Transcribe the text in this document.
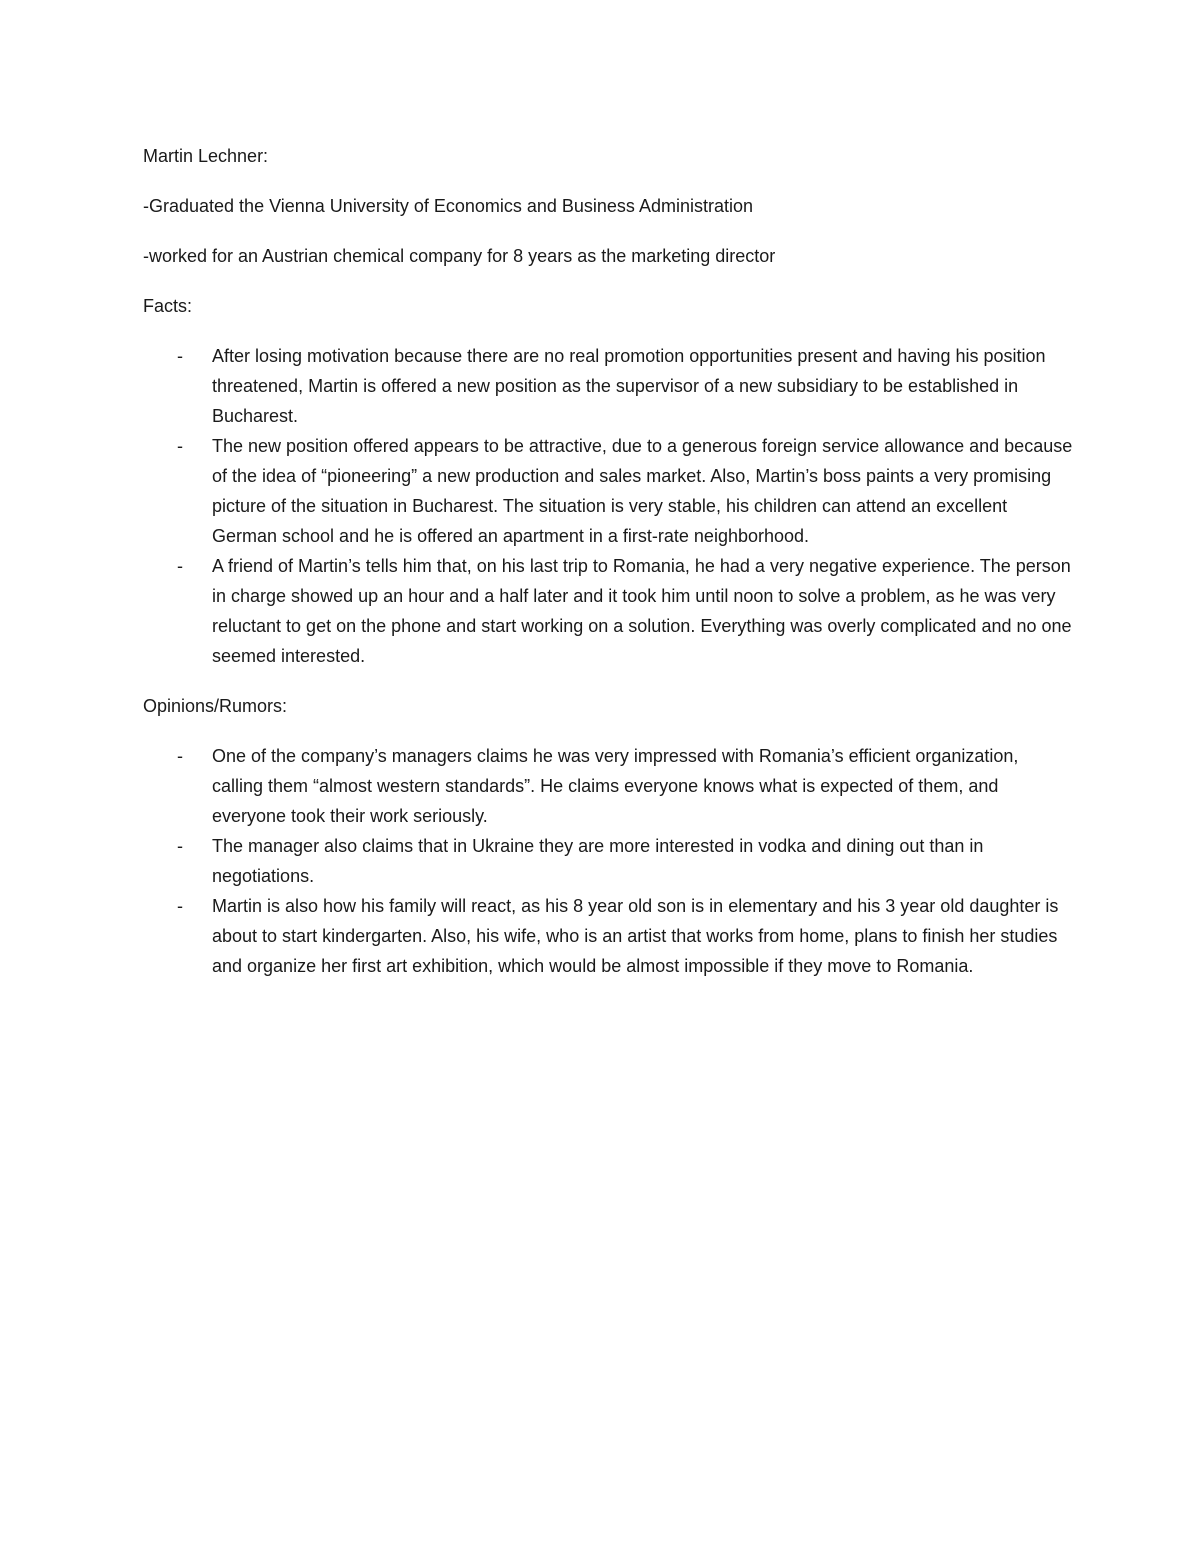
Martin Lechner:

-Graduated the Vienna University of Economics and Business Administration

-worked for an Austrian chemical company for 8 years as the marketing director

Facts:

- After losing motivation because there are no real promotion opportunities present and having his position threatened, Martin is offered a new position as the supervisor of a new subsidiary to be established in Bucharest.
- The new position offered appears to be attractive, due to a generous foreign service allowance and because of the idea of “pioneering” a new production and sales market. Also, Martin’s boss paints a very promising picture of the situation in Bucharest. The situation is very stable, his children can attend an excellent German school and he is offered an apartment in a first-rate neighborhood.
- A friend of Martin’s tells him that, on his last trip to Romania, he had a very negative experience. The person in charge showed up an hour and a half later and it took him until noon to solve a problem, as he was very reluctant to get on the phone and start working on a solution. Everything was overly complicated and no one seemed interested.

Opinions/Rumors:

- One of the company’s managers claims he was very impressed with Romania’s efficient organization, calling them “almost western standards”. He claims everyone knows what is expected of them, and everyone took their work seriously.
- The manager also claims that in Ukraine they are more interested in vodka and dining out than in negotiations.
- Martin is also how his family will react, as his 8 year old son is in elementary and his 3 year old daughter is about to start kindergarten. Also, his wife, who is an artist that works from home, plans to finish her studies and organize her first art exhibition, which would be almost impossible if they move to Romania.
